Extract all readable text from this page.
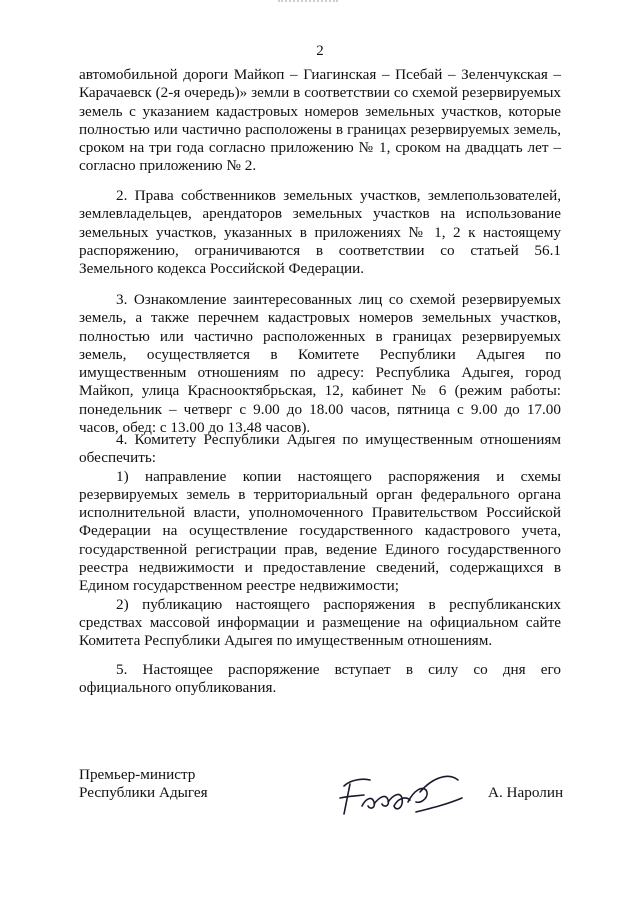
2
автомобильной дороги Майкоп – Гиагинская – Псебай – Зеленчукская – Карачаевск (2-я очередь)» земли в соответствии со схемой резервируемых земель с указанием кадастровых номеров земельных участков, которые полностью или частично расположены в границах резервируемых земель, сроком на три года согласно приложению № 1, сроком на двадцать лет – согласно приложению № 2.
2. Права собственников земельных участков, землепользователей, землевладельцев, арендаторов земельных участков на использование земельных участков, указанных в приложениях № 1, 2 к настоящему распоряжению, ограничиваются в соответствии со статьей 56.1 Земельного кодекса Российской Федерации.
3. Ознакомление заинтересованных лиц со схемой резервируемых земель, а также перечнем кадастровых номеров земельных участков, полностью или частично расположенных в границах резервируемых земель, осуществляется в Комитете Республики Адыгея по имущественным отношениям по адресу: Республика Адыгея, город Майкоп, улица Краснооктябрьская, 12, кабинет № 6 (режим работы: понедельник – четверг с 9.00 до 18.00 часов, пятница с 9.00 до 17.00 часов, обед: с 13.00 до 13.48 часов).
4. Комитету Республики Адыгея по имущественным отношениям обеспечить:
1) направление копии настоящего распоряжения и схемы резервируемых земель в территориальный орган федерального органа исполнительной власти, уполномоченного Правительством Российской Федерации на осуществление государственного кадастрового учета, государственной регистрации прав, ведение Единого государственного реестра недвижимости и предоставление сведений, содержащихся в Едином государственном реестре недвижимости;
2) публикацию настоящего распоряжения в республиканских средствах массовой информации и размещение на официальном сайте Комитета Республики Адыгея по имущественным отношениям.
5. Настоящее распоряжение вступает в силу со дня его официального опубликования.
Премьер-министр
Республики Адыгея	А. Наролин
